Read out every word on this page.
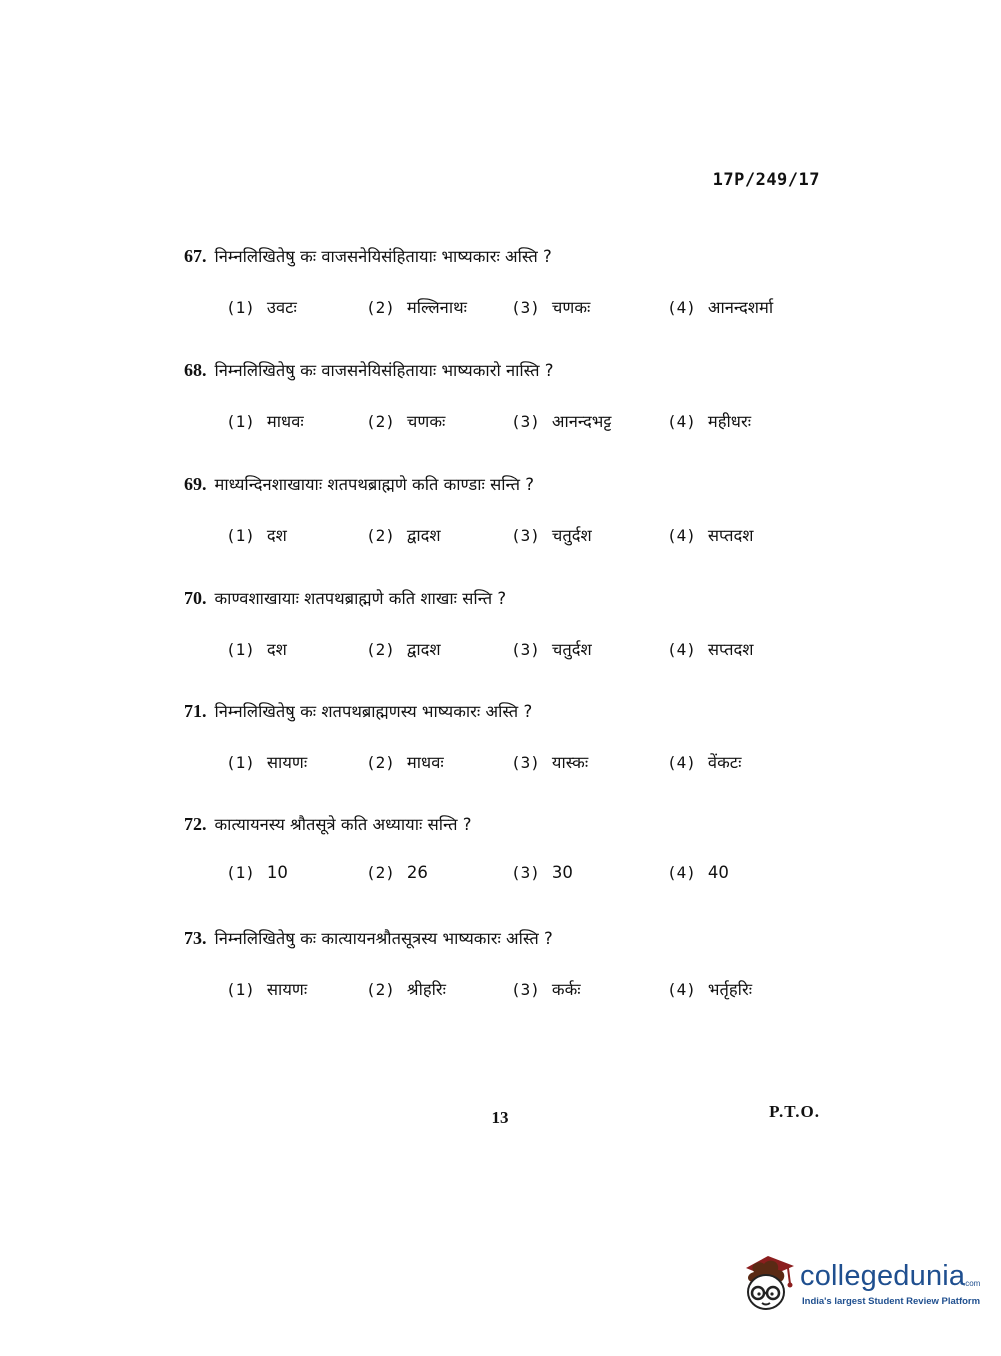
17P/249/17
67. निम्नलिखितेषु कः वाजसनेयिसंहितायाः भाष्यकारः अस्ति ?
(1) उवटः	(2) मल्लिनाथः	(3) चणकः	(4) आनन्दशर्मा
68. निम्नलिखितेषु कः वाजसनेयिसंहितायाः भाष्यकारो नास्ति ?
(1) माधवः	(2) चणकः	(3) आनन्दभट्ट	(4) महीधरः
69. माध्यन्दिनशाखायाः शतपथब्राह्मणे कति काण्डाः सन्ति ?
(1) दश	(2) द्वादश	(3) चतुर्दश	(4) सप्तदश
70. काण्वशाखायाः शतपथब्राह्मणे कति शाखाः सन्ति ?
(1) दश	(2) द्वादश	(3) चतुर्दश	(4) सप्तदश
71. निम्नलिखितेषु कः शतपथब्राह्मणस्य भाष्यकारः अस्ति ?
(1) सायणः	(2) माधवः	(3) यास्कः	(4) वेंकटः
72. कात्यायनस्य श्रौतसूत्रे कति अध्यायाः सन्ति ?
(1) 10	(2) 26	(3) 30	(4) 40
73. निम्नलिखितेषु कः कात्यायनश्रौतसूत्रस्य भाष्यकारः अस्ति ?
(1) सायणः	(2) श्रीहरिः	(3) कर्कः	(4) भर्तृहरिः
13	P.T.O.
collegedunia
.com
India's largest Student Review Platform
